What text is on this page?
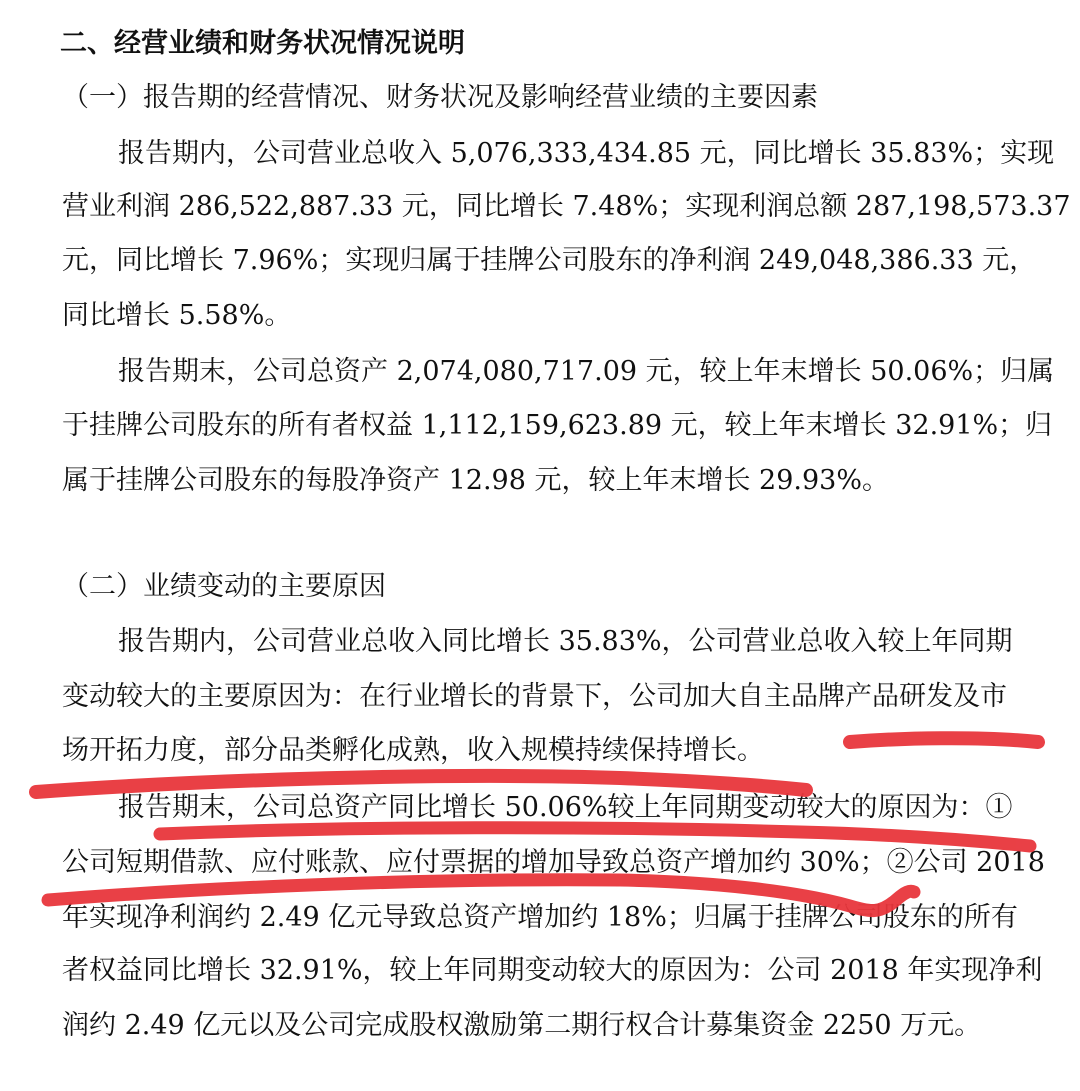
二、经营业绩和财务状况情况说明
（一）报告期的经营情况、财务状况及影响经营业绩的主要因素
报告期内，公司营业总收入 5,076,333,434.85 元，同比增长 35.83%；实现
营业利润 286,522,887.33 元，同比增长 7.48%；实现利润总额 287,198,573.37
元，同比增长 7.96%；实现归属于挂牌公司股东的净利润 249,048,386.33 元，
同比增长 5.58%。
报告期末，公司总资产 2,074,080,717.09 元，较上年末增长 50.06%；归属
于挂牌公司股东的所有者权益 1,112,159,623.89 元，较上年末增长 32.91%；归
属于挂牌公司股东的每股净资产 12.98 元，较上年末增长 29.93%。
（二）业绩变动的主要原因
报告期内，公司营业总收入同比增长 35.83%，公司营业总收入较上年同期
变动较大的主要原因为：在行业增长的背景下，公司加大自主品牌产品研发及市
场开拓力度，部分品类孵化成熟，收入规模持续保持增长。
报告期末，公司总资产同比增长 50.06%较上年同期变动较大的原因为：①
公司短期借款、应付账款、应付票据的增加导致总资产增加约 30%；②公司 2018
年实现净利润约 2.49 亿元导致总资产增加约 18%；归属于挂牌公司股东的所有
者权益同比增长 32.91%，较上年同期变动较大的原因为：公司 2018 年实现净利
润约 2.49 亿元以及公司完成股权激励第二期行权合计募集资金 2250 万元。
